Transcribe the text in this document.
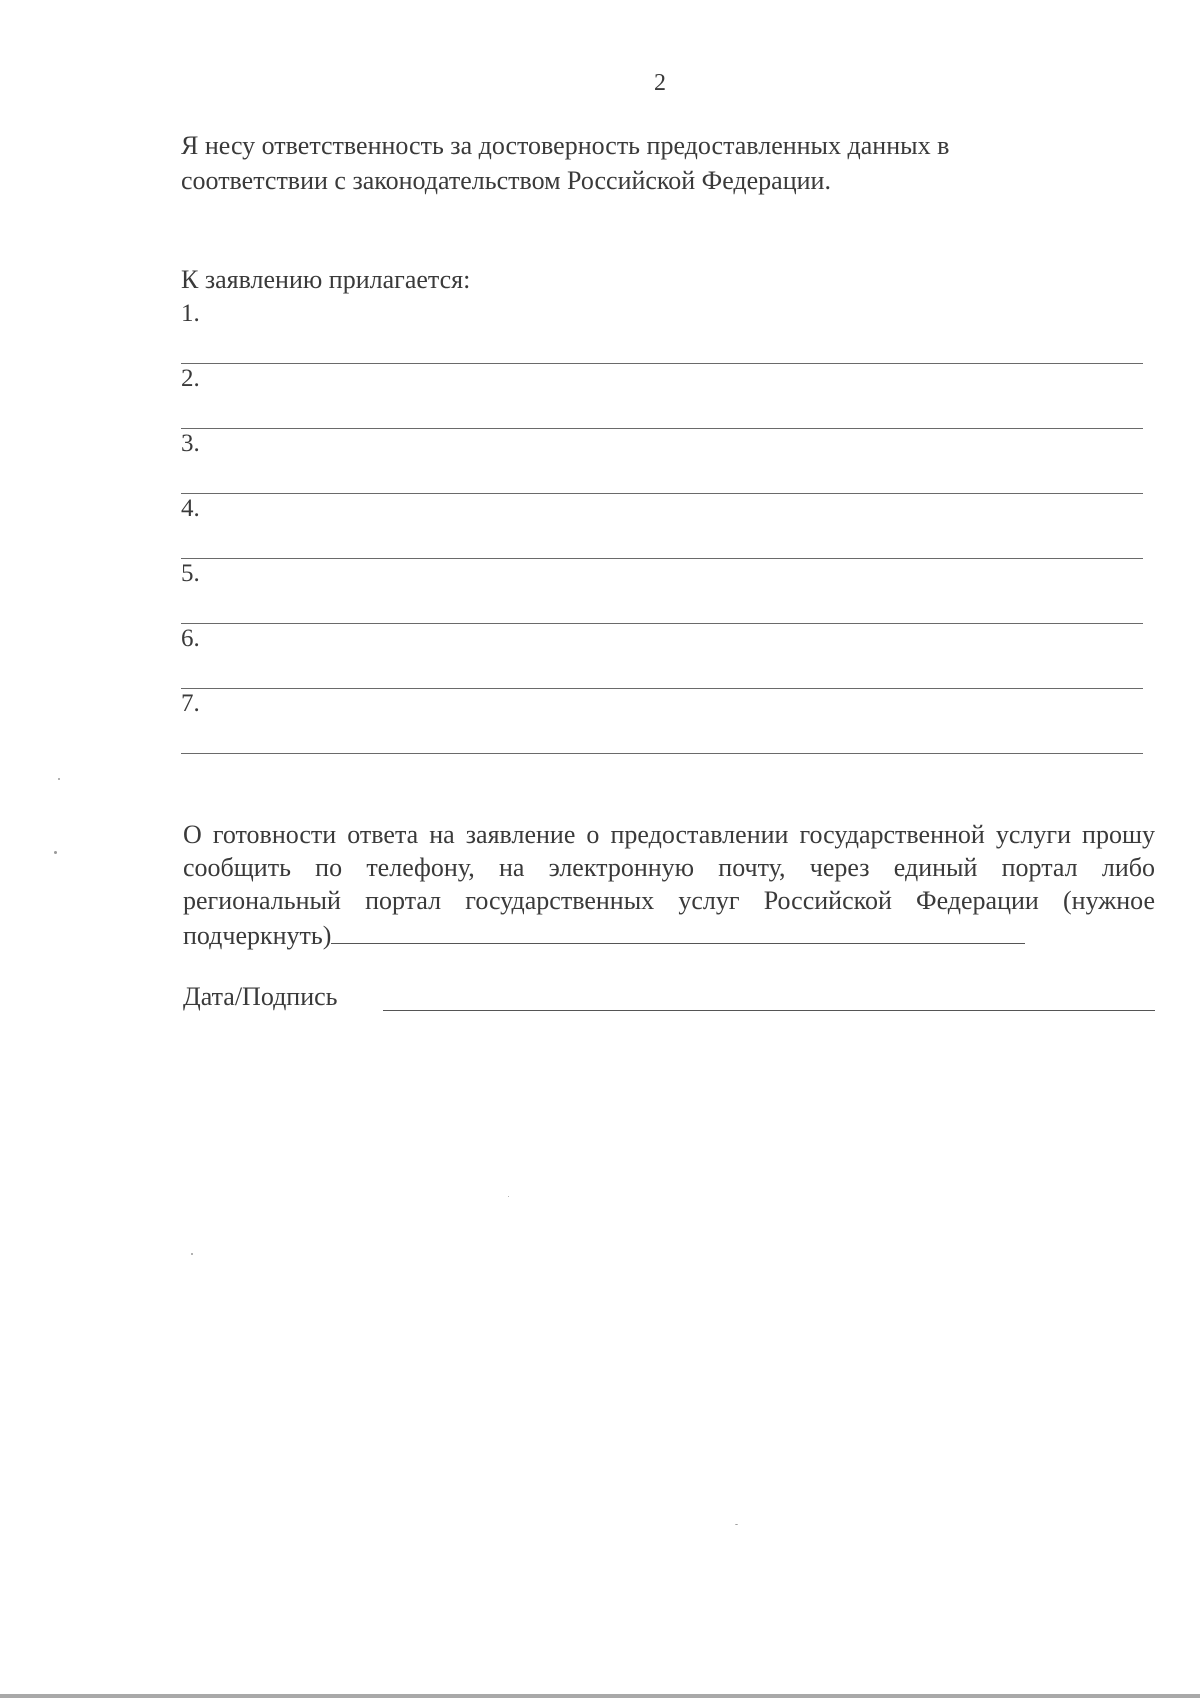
2

Я несу ответственность за достоверность предоставленных данных в соответствии с законодательством Российской Федерации.

К заявлению прилагается:
1.
2.
3.
4.
5.
6.
7.

О готовности ответа на заявление о предоставлении государственной услуги прошу сообщить по телефону, на электронную почту, через единый портал либо региональный портал государственных услуг Российской Федерации (нужное подчеркнуть)

Дата/Подпись
